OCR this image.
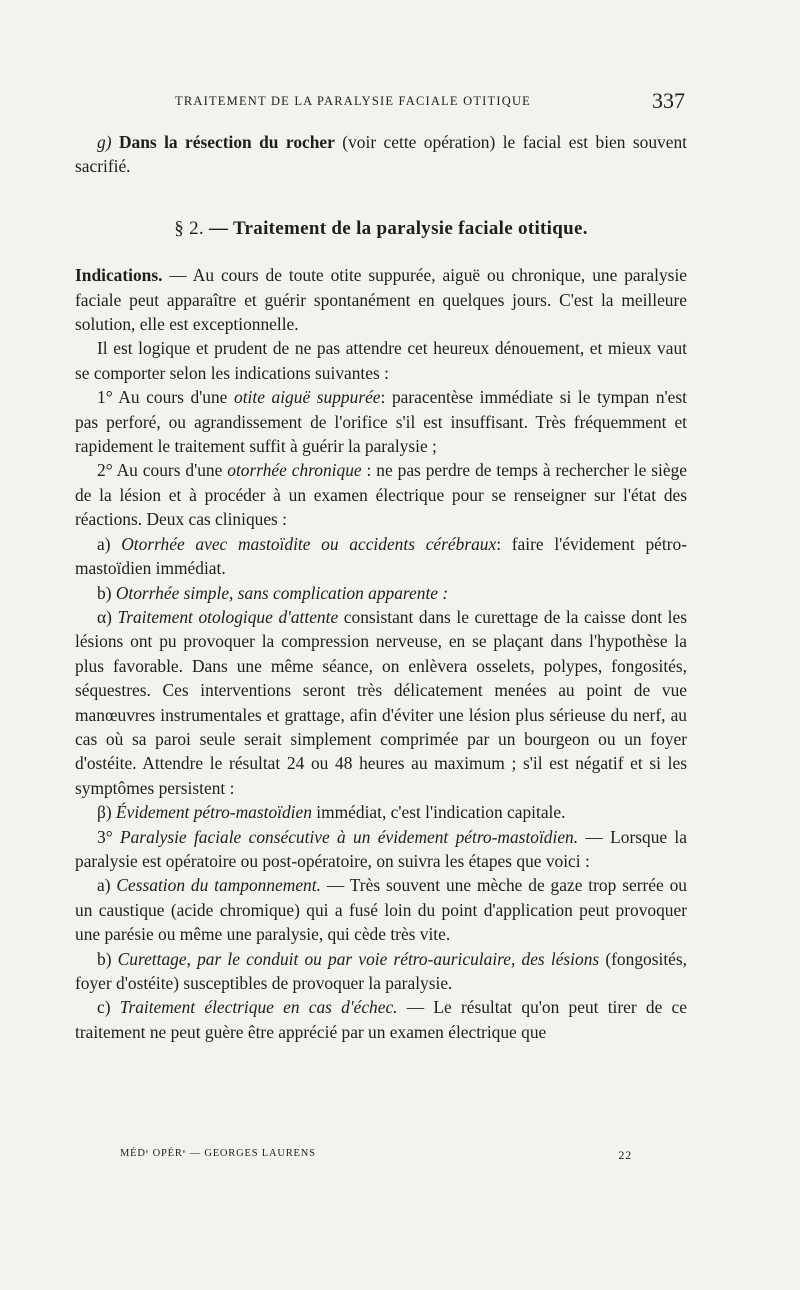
TRAITEMENT DE LA PARALYSIE FACIALE OTITIQUE	337

g) Dans la résection du rocher (voir cette opération) le facial est bien souvent sacrifié.

§ 2. — Traitement de la paralysie faciale otitique.

Indications. — Au cours de toute otite suppurée, aiguë ou chronique, une paralysie faciale peut apparaître et guérir spontanément en quelques jours. C'est la meilleure solution, elle est exceptionnelle.

Il est logique et prudent de ne pas attendre cet heureux dénouement, et mieux vaut se comporter selon les indications suivantes :

1° Au cours d'une otite aiguë suppurée: paracentèse immédiate si le tympan n'est pas perforé, ou agrandissement de l'orifice s'il est insuffisant. Très fréquemment et rapidement le traitement suffit à guérir la paralysie ;

2° Au cours d'une otorrhée chronique : ne pas perdre de temps à rechercher le siège de la lésion et à procéder à un examen électrique pour se renseigner sur l'état des réactions. Deux cas cliniques :

a) Otorrhée avec mastoïdite ou accidents cérébraux: faire l'évidement pétro-mastoïdien immédiat.

b) Otorrhée simple, sans complication apparente :

α) Traitement otologique d'attente consistant dans le curettage de la caisse dont les lésions ont pu provoquer la compression nerveuse, en se plaçant dans l'hypothèse la plus favorable. Dans une même séance, on enlèvera osselets, polypes, fongosités, séquestres. Ces interventions seront très délicatement menées au point de vue manœuvres instrumentales et grattage, afin d'éviter une lésion plus sérieuse du nerf, au cas où sa paroi seule serait simplement comprimée par un bourgeon ou un foyer d'ostéite. Attendre le résultat 24 ou 48 heures au maximum ; s'il est négatif et si les symptômes persistent :

β) Évidement pétro-mastoïdien immédiat, c'est l'indication capitale.

3° Paralysie faciale consécutive à un évidement pétro-mastoïdien. — Lorsque la paralysie est opératoire ou post-opératoire, on suivra les étapes que voici :

a) Cessation du tamponnement. — Très souvent une mèche de gaze trop serrée ou un caustique (acide chromique) qui a fusé loin du point d'application peut provoquer une parésie ou même une paralysie, qui cède très vite.

b) Curettage, par le conduit ou par voie rétro-auriculaire, des lésions (fongosités, foyer d'ostéite) susceptibles de provoquer la paralysie.

c) Traitement électrique en cas d'échec. — Le résultat qu'on peut tirer de ce traitement ne peut guère être apprécié par un examen électrique que

MÉDᵉ OPÉRᵉ — GEORGES LAURENS	22
